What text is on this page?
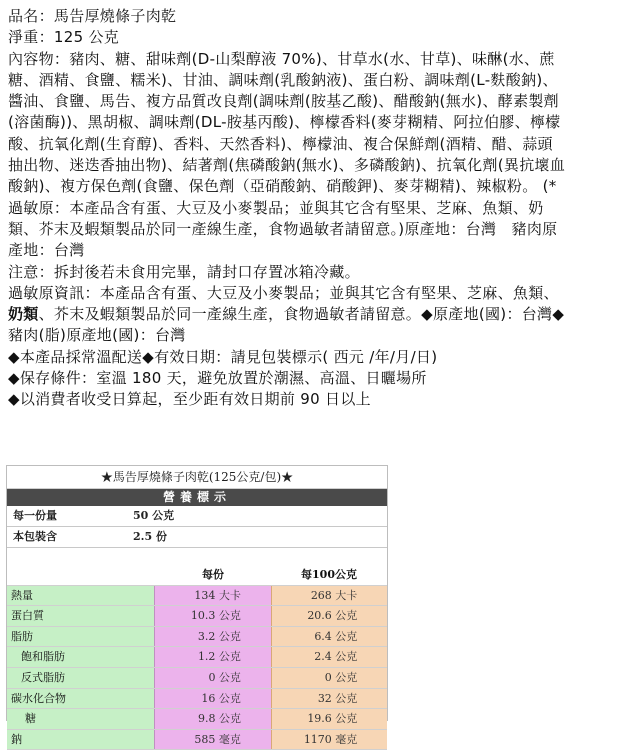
品名：馬告厚燒條子肉乾

淨重：125 公克

內容物：豬肉、糖、甜味劑(D-山梨醇液 70%)、甘草水(水、甘草)、味醂(水、蔗糖、酒精、食鹽、糯米)、甘油、調味劑(乳酸鈉液)、蛋白粉、調味劑(L-麩酸鈉)、醬油、食鹽、馬告、複方品質改良劑(調味劑(胺基乙酸)、醋酸鈉(無水)、酵素製劑(溶菌酶))、黑胡椒、調味劑(DL-胺基丙酸)、檸檬香料(麥芽糊精、阿拉伯膠、檸檬酸、抗氧化劑(生育醇)、香料、天然香料)、檸檬油、複合保鮮劑(酒精、醋、蒜頭抽出物、迷迭香抽出物)、結著劑(焦磷酸鈉(無水)、多磷酸鈉)、抗氧化劑(異抗壞血酸鈉)、複方保色劑(食鹽、保色劑（亞硝酸鈉、硝酸鉀)、麥芽糊精)、辣椒粉。 (*過敏原：本產品含有蛋、大豆及小麥製品；並與其它含有堅果、芝麻、魚類、奶類、芥末及蝦類製品於同一產線生產，食物過敏者請留意。)原產地：台灣　豬肉原產地：台灣

注意：拆封後若未食用完畢，請封口存置冰箱冷藏。

過敏原資訊：本產品含有蛋、大豆及小麥製品；並與其它含有堅果、芝麻、魚類、奶類、芥末及蝦類製品於同一產線生產，食物過敏者請留意。◆原產地(國)：台灣◆豬肉(脂)原產地(國)：台灣

◆本產品採常溫配送◆有效日期：請見包裝標示( 西元 /年/月/日)

◆保存條件：室溫 180 天，避免放置於潮濕、高溫、日曬場所

◆以消費者收受日算起，至少距有效日期前 90 日以上

★馬告厚燒條子肉乾(125公克/包)★
營養標示
每一份量	50 公克
本包裝含	2.5 份
每份	每100公克
熱量	134 大卡	268 大卡
蛋白質	10.3 公克	20.6 公克
脂肪	3.2 公克	6.4 公克
飽和脂肪	1.2 公克	2.4 公克
反式脂肪	0 公克	0 公克
碳水化合物	16 公克	32 公克
糖	9.8 公克	19.6 公克
鈉	585 毫克	1170 毫克
